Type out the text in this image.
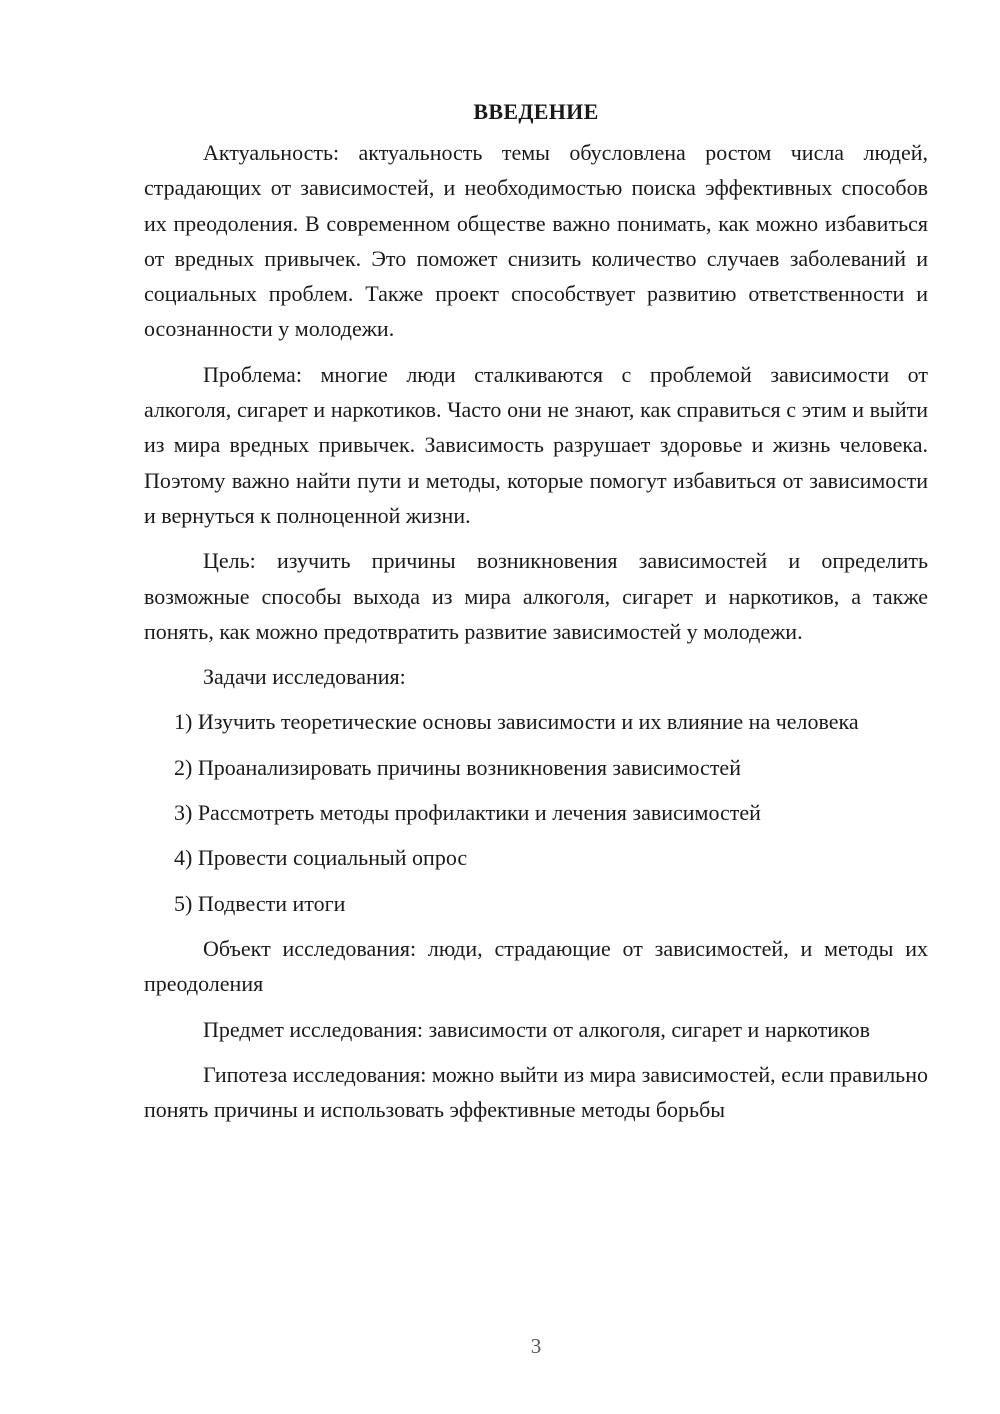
ВВЕДЕНИЕ

Актуальность: актуальность темы обусловлена ростом числа людей, страдающих от зависимостей, и необходимостью поиска эффективных способов их преодоления. В современном обществе важно понимать, как можно избавиться от вредных привычек. Это поможет снизить количество случаев заболеваний и социальных проблем. Также проект способствует развитию ответственности и осознанности у молодежи.

Проблема: многие люди сталкиваются с проблемой зависимости от алкоголя, сигарет и наркотиков. Часто они не знают, как справиться с этим и выйти из мира вредных привычек. Зависимость разрушает здоровье и жизнь человека. Поэтому важно найти пути и методы, которые помогут избавиться от зависимости и вернуться к полноценной жизни.

Цель: изучить причины возникновения зависимостей и определить возможные способы выхода из мира алкоголя, сигарет и наркотиков, а также понять, как можно предотвратить развитие зависимостей у молодежи.

Задачи исследования:

1) Изучить теоретические основы зависимости и их влияние на человека

2) Проанализировать причины возникновения зависимостей

3) Рассмотреть методы профилактики и лечения зависимостей

4) Провести социальный опрос

5) Подвести итоги

Объект исследования: люди, страдающие от зависимостей, и методы их преодоления

Предмет исследования: зависимости от алкоголя, сигарет и наркотиков

Гипотеза исследования: можно выйти из мира зависимостей, если правильно понять причины и использовать эффективные методы борьбы

3
